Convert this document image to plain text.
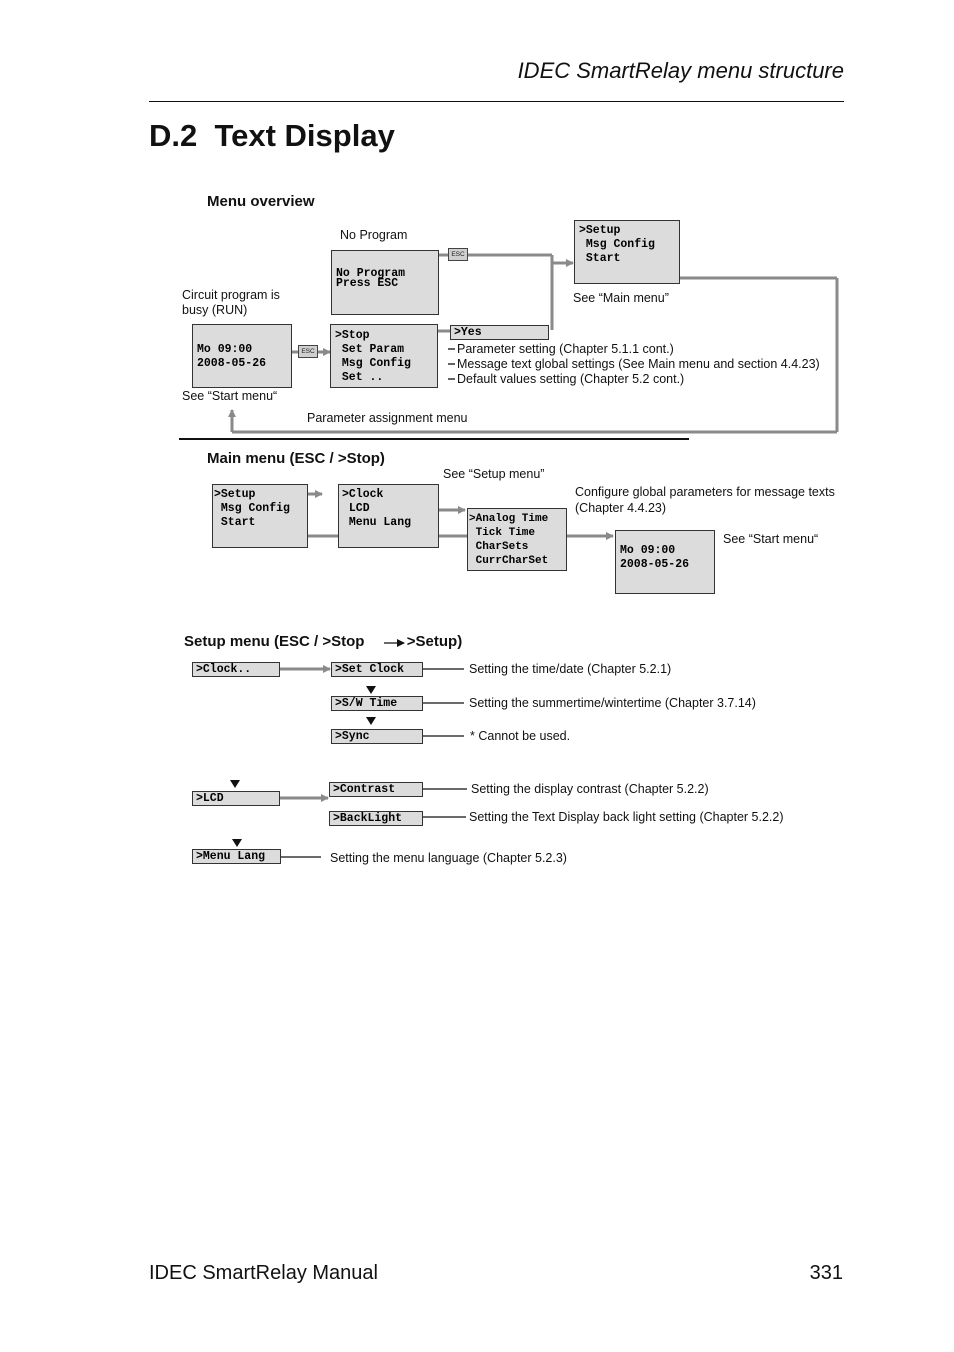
IDEC SmartRelay menu structure
D.2 Text Display
Menu overview
No Program
No Program
Press ESC
ESC
>Setup
Msg Config
Start
See “Main menu”
Circuit program is
busy (RUN)
Mo 09:00
2008-05-26
ESC
>Stop
Set Param
Msg Config
Set ..
>Yes
Parameter setting (Chapter 5.1.1 cont.)
Message text global settings (See Main menu and section 4.4.23)
Default values setting (Chapter 5.2 cont.)
See “Start menu“
Parameter assignment menu
Main menu (ESC / >Stop)
See “Setup menu”
>Setup
Msg Config
Start
>Clock
LCD
Menu Lang	>Analog Time
Tick Time
CharSets
CurrCharSet
Configure global parameters for message texts
(Chapter 4.4.23)
Mo 09:00
2008-05-26
See “Start menu“
Setup menu (ESC / >Stop	>Setup)
>Clock..	>Set Clock	Setting the time/date (Chapter 5.2.1)
>S/W Time	Setting the summertime/wintertime (Chapter 3.7.14)
>Sync	* Cannot be used.
>LCD
>Contrast	Setting the display contrast (Chapter 5.2.2)
>BackLight	Setting the Text Display back light setting (Chapter 5.2.2)
>Menu Lang	Setting the menu language (Chapter 5.2.3)
IDEC SmartRelay Manual	331
